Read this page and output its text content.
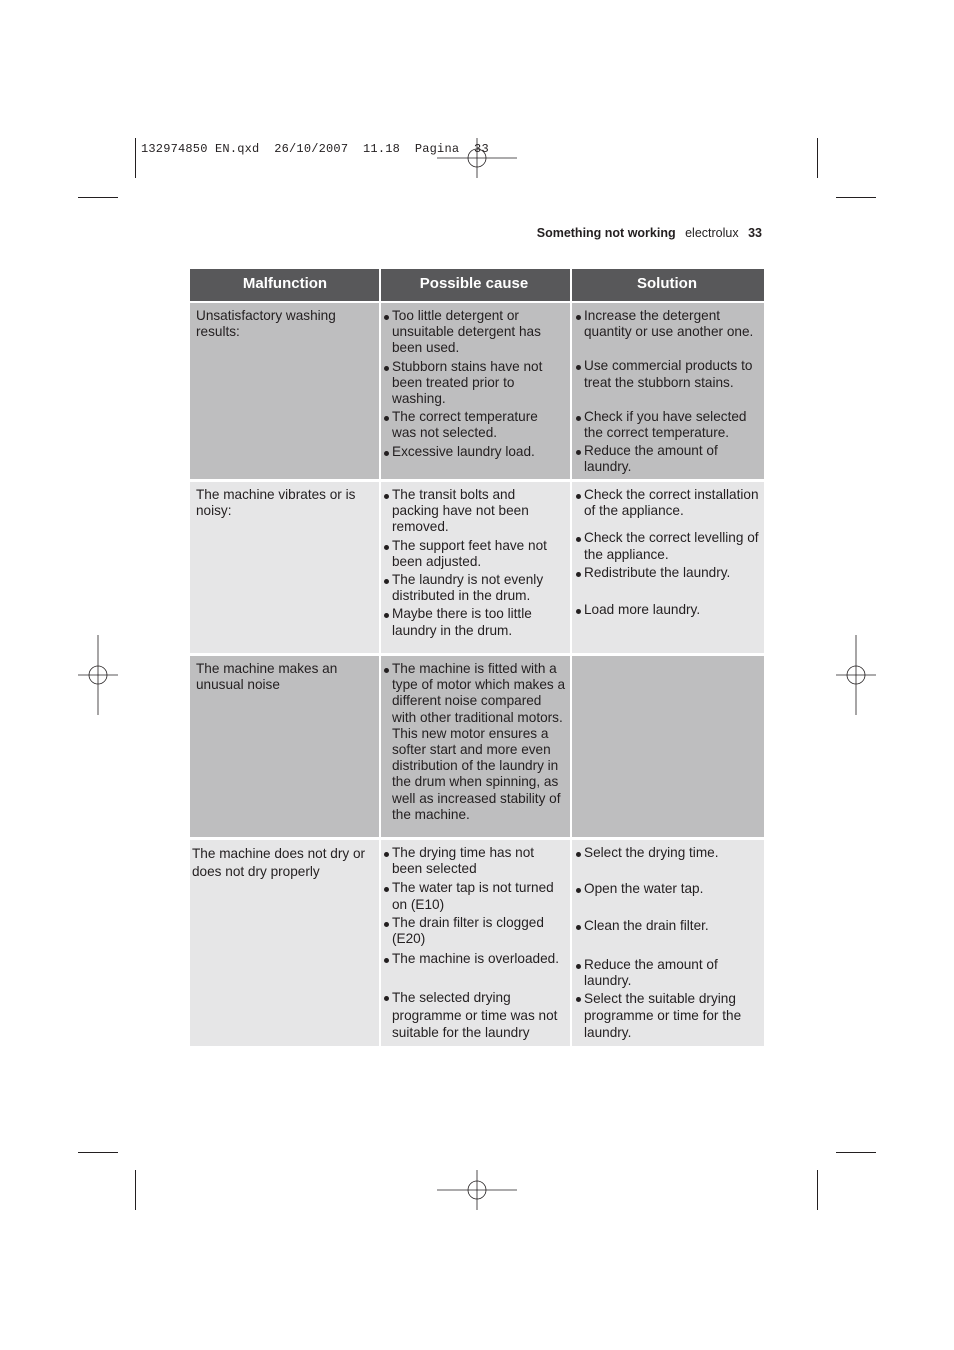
132974850 EN.qxd  26/10/2007  11.18  Pagina  33
Something not working electrolux 33
Malfunction	Possible cause	Solution
Unsatisfactory washing results:
Too little detergent or unsuitable detergent has been used.
Stubborn stains have not been treated prior to washing.
The correct temperature was not selected.
Excessive laundry load.
Increase the detergent quantity or use another one.
Use commercial products to treat the stubborn stains.
Check if you have selected the correct temperature.
Reduce the amount of laundry.
The machine vibrates or is noisy:
The transit bolts and packing have not been removed.
The support feet have not been adjusted.
The laundry is not evenly distributed in the drum.
Maybe there is too little laundry in the drum.
Check the correct installation of the appliance.
Check the correct levelling of the appliance.
Redistribute the laundry.
Load more laundry.
The machine makes an unusual noise
The machine is fitted with a type of motor which makes a different noise compared with other traditional motors. This new motor ensures a softer start and more even distribution of the laundry in the drum when spinning, as well as increased stability of the machine.
The machine does not dry or does not dry properly
The drying time has not been selected
The water tap is not turned on (E10)
The drain filter is clogged (E20)
The machine is overloaded.
The selected drying programme or time was not suitable for the laundry
Select the drying time.
Open the water tap.
Clean the drain filter.
Reduce the amount of laundry.
Select the suitable drying programme or time for the laundry.
